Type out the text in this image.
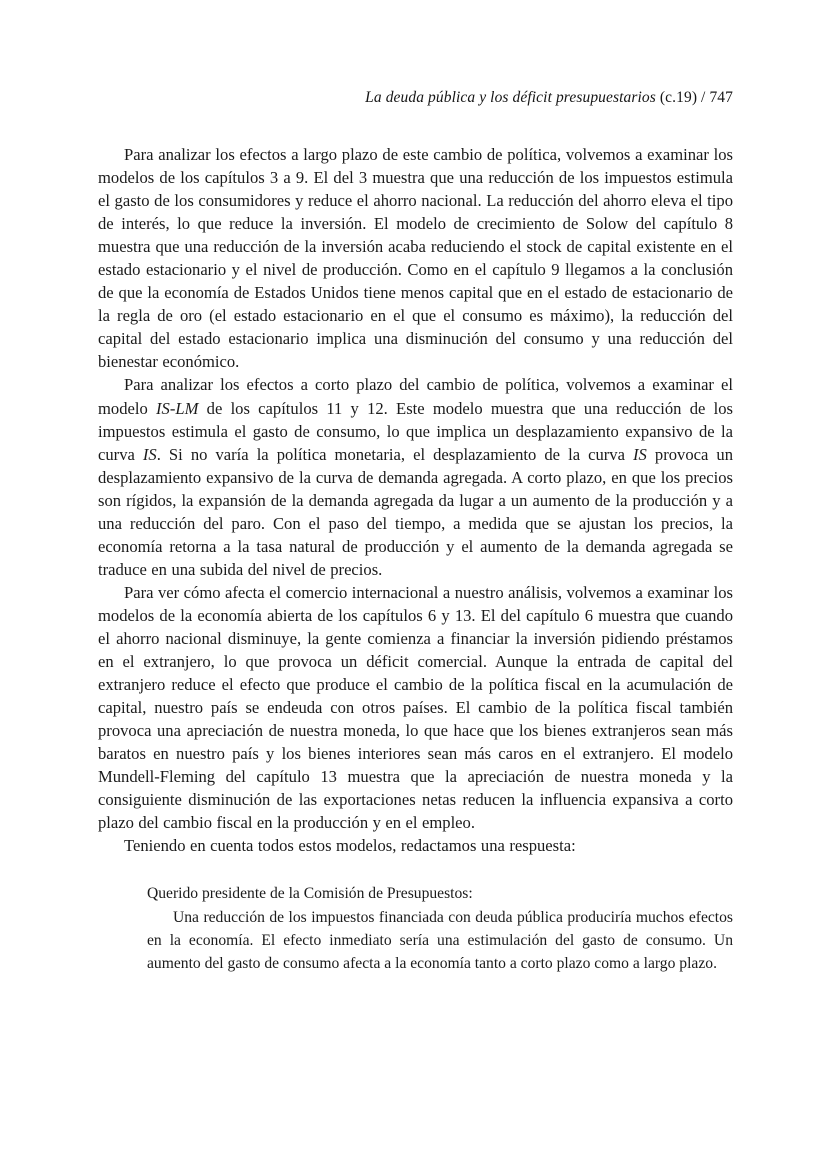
La deuda pública y los déficit presupuestarios (c.19) / 747

Para analizar los efectos a largo plazo de este cambio de política, volvemos a examinar los modelos de los capítulos 3 a 9. El del 3 muestra que una reducción de los impuestos estimula el gasto de los consumidores y reduce el ahorro nacional. La reducción del ahorro eleva el tipo de interés, lo que reduce la inversión. El modelo de crecimiento de Solow del capítulo 8 muestra que una reducción de la inversión acaba reduciendo el stock de capital existente en el estado estacionario y el nivel de producción. Como en el capítulo 9 llegamos a la conclusión de que la economía de Estados Unidos tiene menos capital que en el estado de estacionario de la regla de oro (el estado estacionario en el que el consumo es máximo), la reducción del capital del estado estacionario implica una disminución del consumo y una reducción del bienestar económico.

Para analizar los efectos a corto plazo del cambio de política, volvemos a examinar el modelo IS-LM de los capítulos 11 y 12. Este modelo muestra que una reducción de los impuestos estimula el gasto de consumo, lo que implica un desplazamiento expansivo de la curva IS. Si no varía la política monetaria, el desplazamiento de la curva IS provoca un desplazamiento expansivo de la curva de demanda agregada. A corto plazo, en que los precios son rígidos, la expansión de la demanda agregada da lugar a un aumento de la producción y a una reducción del paro. Con el paso del tiempo, a medida que se ajustan los precios, la economía retorna a la tasa natural de producción y el aumento de la demanda agregada se traduce en una subida del nivel de precios.

Para ver cómo afecta el comercio internacional a nuestro análisis, volvemos a examinar los modelos de la economía abierta de los capítulos 6 y 13. El del capítulo 6 muestra que cuando el ahorro nacional disminuye, la gente comienza a financiar la inversión pidiendo préstamos en el extranjero, lo que provoca un déficit comercial. Aunque la entrada de capital del extranjero reduce el efecto que produce el cambio de la política fiscal en la acumulación de capital, nuestro país se endeuda con otros países. El cambio de la política fiscal también provoca una apreciación de nuestra moneda, lo que hace que los bienes extranjeros sean más baratos en nuestro país y los bienes interiores sean más caros en el extranjero. El modelo Mundell-Fleming del capítulo 13 muestra que la apreciación de nuestra moneda y la consiguiente disminución de las exportaciones netas reducen la influencia expansiva a corto plazo del cambio fiscal en la producción y en el empleo.

Teniendo en cuenta todos estos modelos, redactamos una respuesta:

Querido presidente de la Comisión de Presupuestos:

Una reducción de los impuestos financiada con deuda pública produciría muchos efectos en la economía. El efecto inmediato sería una estimulación del gasto de consumo. Un aumento del gasto de consumo afecta a la economía tanto a corto plazo como a largo plazo.
